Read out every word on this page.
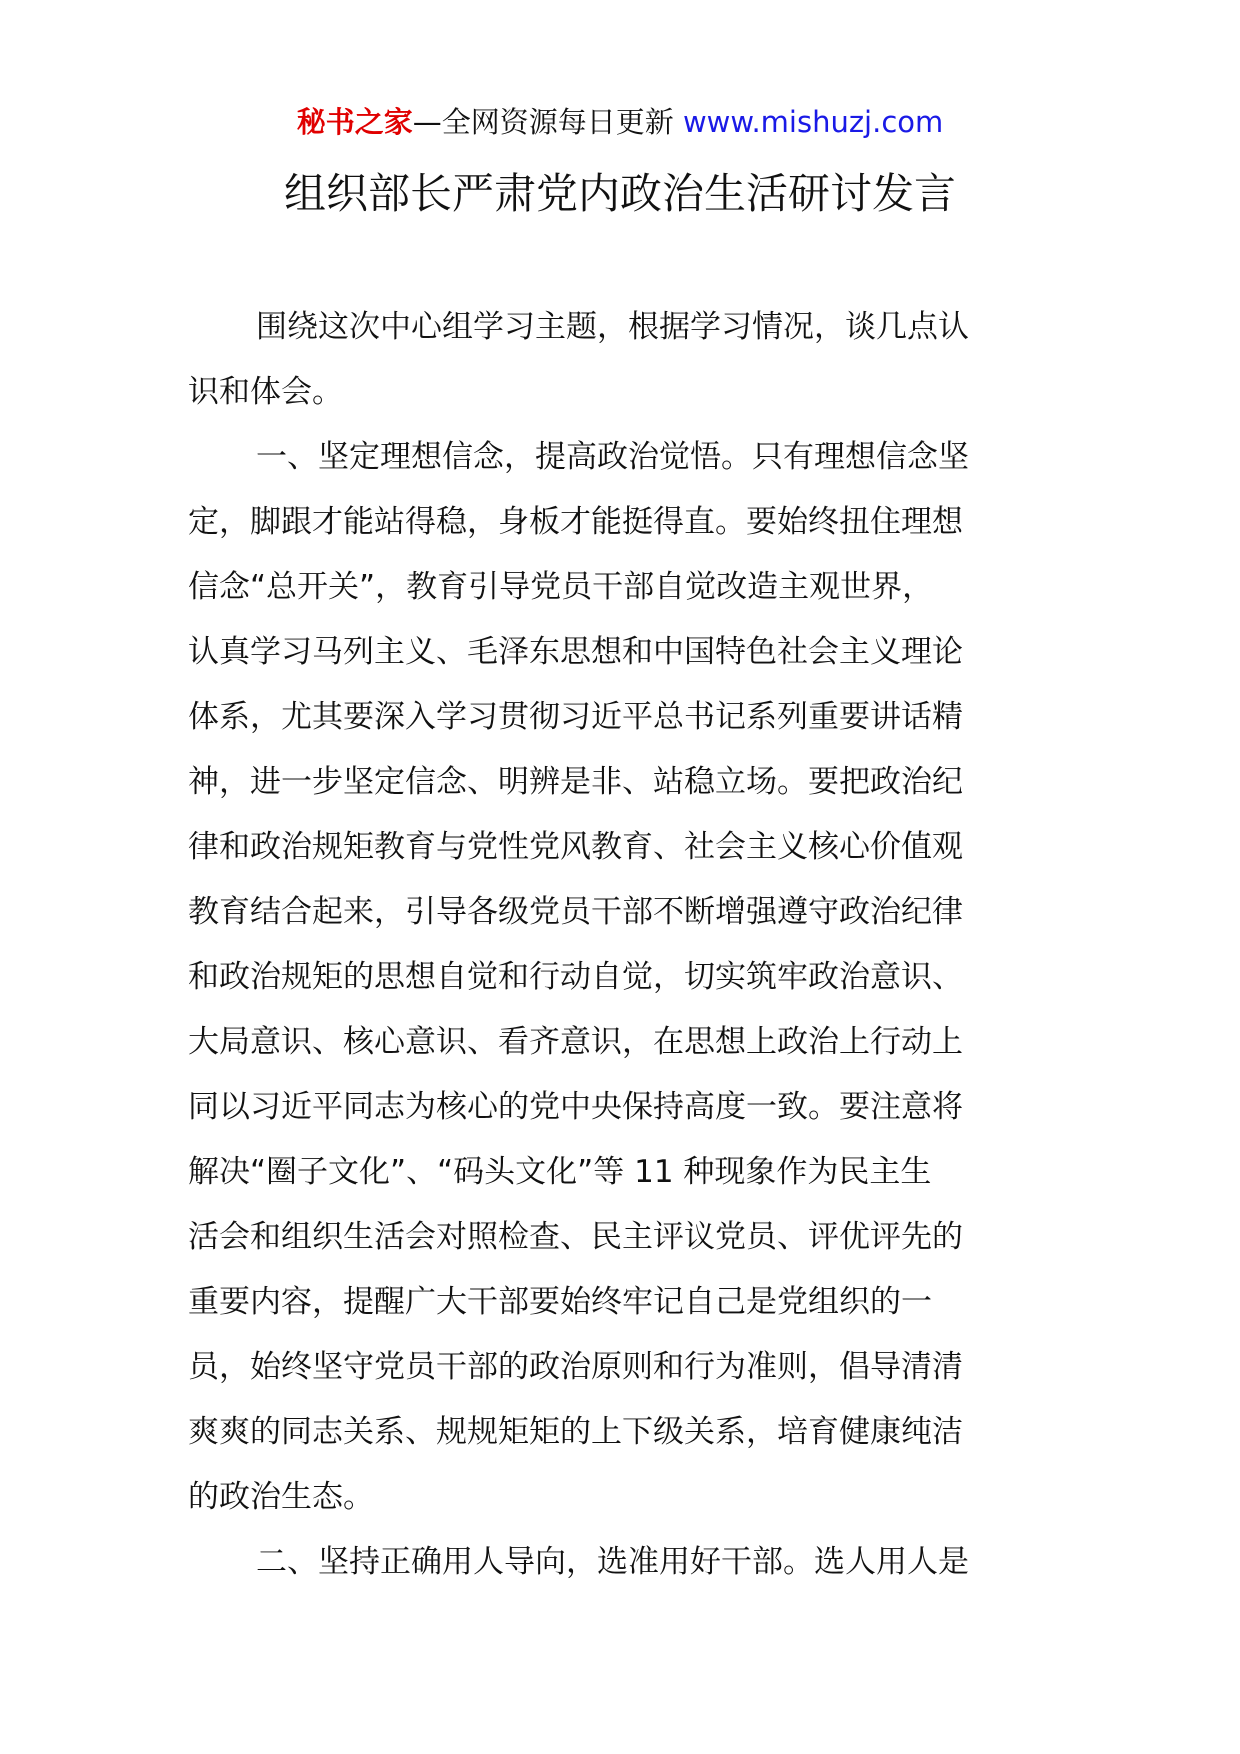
秘书之家—全网资源每日更新 www.mishuzj.com
组织部长严肃党内政治生活研讨发言
围绕这次中心组学习主题，根据学习情况，谈几点认
识和体会。
一、坚定理想信念，提高政治觉悟。只有理想信念坚
定，脚跟才能站得稳，身板才能挺得直。要始终扭住理想
信念“总开关”，教育引导党员干部自觉改造主观世界，
认真学习马列主义、毛泽东思想和中国特色社会主义理论
体系，尤其要深入学习贯彻习近平总书记系列重要讲话精
神，进一步坚定信念、明辨是非、站稳立场。要把政治纪
律和政治规矩教育与党性党风教育、社会主义核心价值观
教育结合起来，引导各级党员干部不断增强遵守政治纪律
和政治规矩的思想自觉和行动自觉，切实筑牢政治意识、
大局意识、核心意识、看齐意识，在思想上政治上行动上
同以习近平同志为核心的党中央保持高度一致。要注意将
解决“圈子文化”、“码头文化”等 11 种现象作为民主生
活会和组织生活会对照检查、民主评议党员、评优评先的
重要内容，提醒广大干部要始终牢记自己是党组织的一
员，始终坚守党员干部的政治原则和行为准则，倡导清清
爽爽的同志关系、规规矩矩的上下级关系，培育健康纯洁
的政治生态。
二、坚持正确用人导向，选准用好干部。选人用人是
